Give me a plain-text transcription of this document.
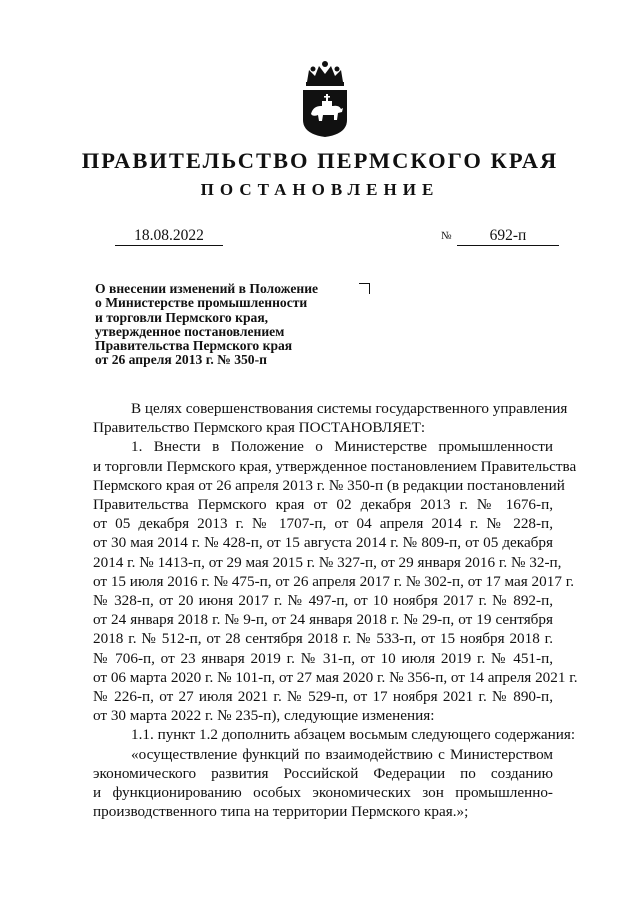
ПРАВИТЕЛЬСТВО ПЕРМСКОГО КРАЯ
ПОСТАНОВЛЕНИЕ
18.08.2022	№	692-п
О внесении изменений в Положение
о Министерстве промышленности
и торговли Пермского края,
утвержденное постановлением
Правительства Пермского края
от 26 апреля 2013 г. № 350-п
В целях совершенствования системы государственного управления
Правительство Пермского края ПОСТАНОВЛЯЕТ:
1. Внести в Положение о Министерстве промышленности
и торговли Пермского края, утвержденное постановлением Правительства
Пермского края от 26 апреля 2013 г. № 350-п (в редакции постановлений
Правительства Пермского края от 02 декабря 2013 г. № 1676-п,
от 05 декабря 2013 г. № 1707-п, от 04 апреля 2014 г. № 228-п,
от 30 мая 2014 г. № 428-п, от 15 августа 2014 г. № 809-п, от 05 декабря
2014 г. № 1413-п, от 29 мая 2015 г. № 327-п, от 29 января 2016 г. № 32-п,
от 15 июля 2016 г. № 475-п, от 26 апреля 2017 г. № 302-п, от 17 мая 2017 г.
№ 328-п, от 20 июня 2017 г. № 497-п, от 10 ноября 2017 г. № 892-п,
от 24 января 2018 г. № 9-п, от 24 января 2018 г. № 29-п, от 19 сентября
2018 г. № 512-п, от 28 сентября 2018 г. № 533-п, от 15 ноября 2018 г.
№ 706-п, от 23 января 2019 г. № 31-п, от 10 июля 2019 г. № 451-п,
от 06 марта 2020 г. № 101-п, от 27 мая 2020 г. № 356-п, от 14 апреля 2021 г.
№ 226-п, от 27 июля 2021 г. № 529-п, от 17 ноября 2021 г. № 890-п,
от 30 марта 2022 г. № 235-п), следующие изменения:
1.1. пункт 1.2 дополнить абзацем восьмым следующего содержания:
«осуществление функций по взаимодействию с Министерством
экономического развития Российской Федерации по созданию
и функционированию особых экономических зон промышленно-
производственного типа на территории Пермского края.»;
